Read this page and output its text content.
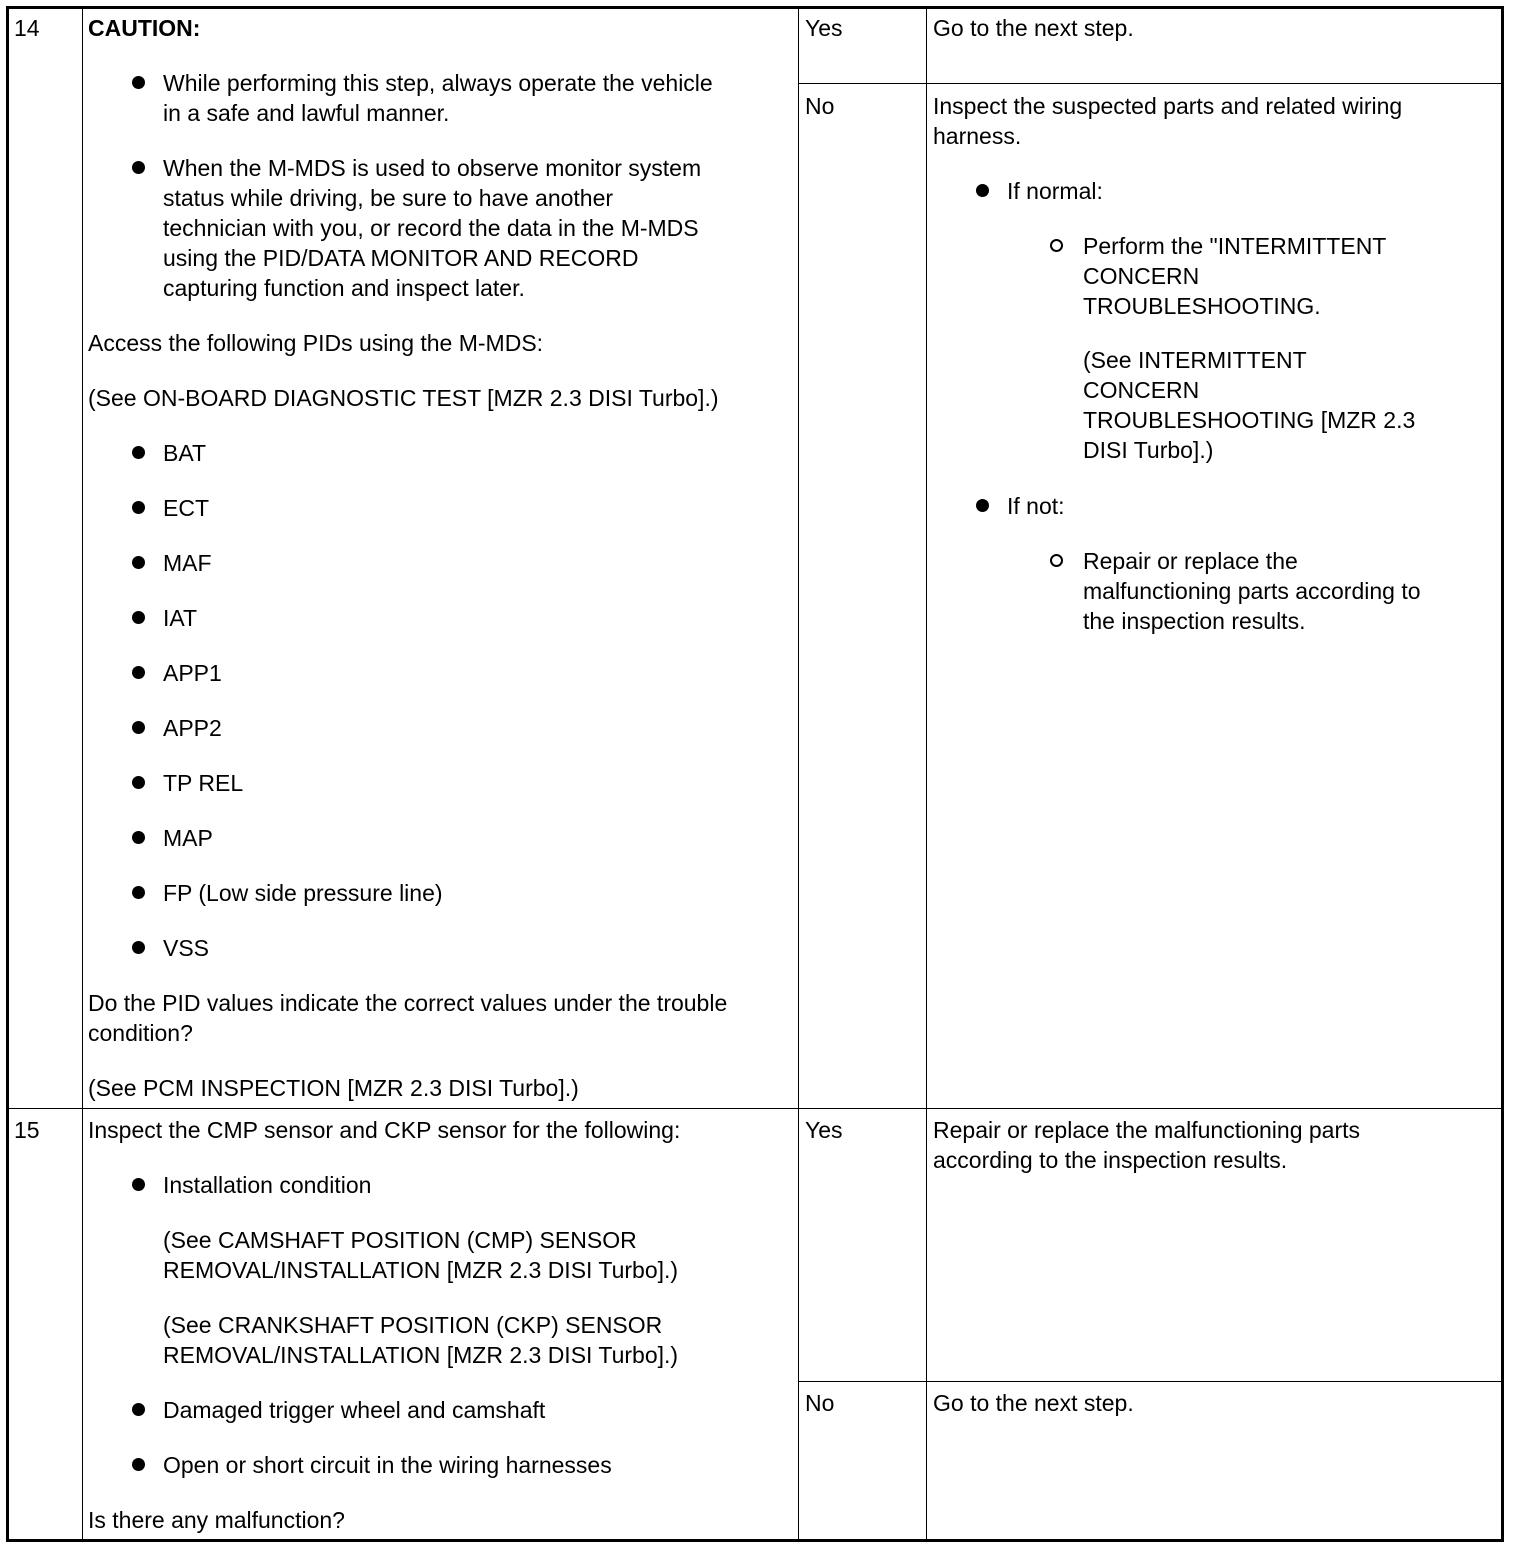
14 CAUTION:
While performing this step, always operate the vehicle
in a safe and lawful manner.
When the M-MDS is used to observe monitor system
status while driving, be sure to have another
technician with you, or record the data in the M-MDS
using the PID/DATA MONITOR AND RECORD
capturing function and inspect later.
Access the following PIDs using the M-MDS:
(See ON-BOARD DIAGNOSTIC TEST [MZR 2.3 DISI Turbo].)
BAT
ECT
MAF
IAT
APP1
APP2
TP REL
MAP
FP (Low side pressure line)
VSS
Do the PID values indicate the correct values under the trouble
condition?
(See PCM INSPECTION [MZR 2.3 DISI Turbo].)
Yes	Go to the next step.
No	Inspect the suspected parts and related wiring
harness.
If normal:
Perform the "INTERMITTENT
CONCERN
TROUBLESHOOTING.
(See INTERMITTENT
CONCERN
TROUBLESHOOTING [MZR 2.3
DISI Turbo].)
If not:
Repair or replace the
malfunctioning parts according to
the inspection results.
15 Inspect the CMP sensor and CKP sensor for the following:
Installation condition
(See CAMSHAFT POSITION (CMP) SENSOR
REMOVAL/INSTALLATION [MZR 2.3 DISI Turbo].)
(See CRANKSHAFT POSITION (CKP) SENSOR
REMOVAL/INSTALLATION [MZR 2.3 DISI Turbo].)
Damaged trigger wheel and camshaft
Open or short circuit in the wiring harnesses
Is there any malfunction?
Yes	Repair or replace the malfunctioning parts
according to the inspection results.
No	Go to the next step.
